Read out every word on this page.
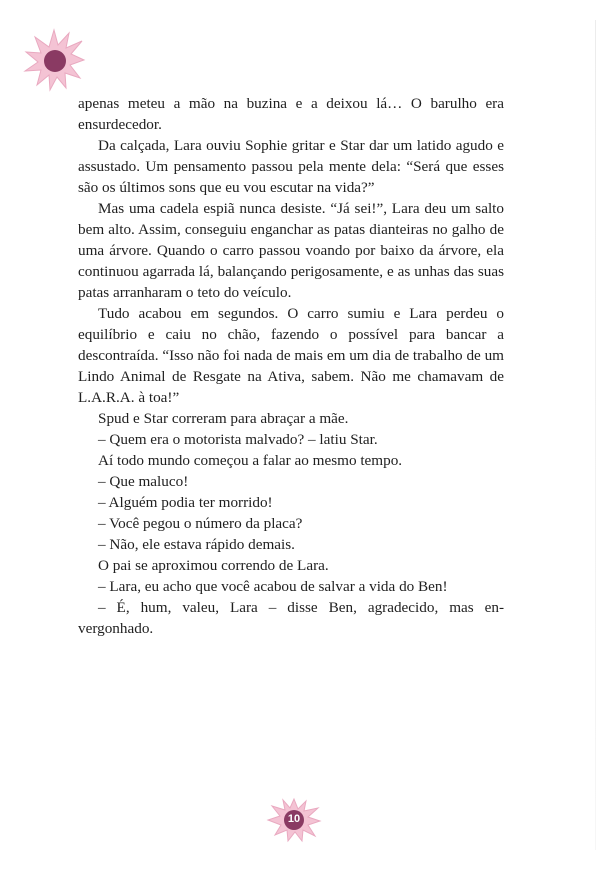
apenas meteu a mão na buzina e a deixou lá… O barulho era ensurdecedor.

Da calçada, Lara ouviu Sophie gritar e Star dar um latido agudo e assustado. Um pensamento passou pela mente dela: “Será que esses são os últimos sons que eu vou escutar na vida?”

Mas uma cadela espiã nunca desiste. “Já sei!”, Lara deu um salto bem alto. Assim, conseguiu enganchar as patas dianteiras no galho de uma árvore. Quando o carro passou voando por baixo da árvore, ela continuou agarrada lá, balançando perigosamente, e as unhas das suas patas arranharam o teto do veículo.

Tudo acabou em segundos. O carro sumiu e Lara perdeu o equilíbrio e caiu no chão, fazendo o possível para bancar a descontraída. “Isso não foi nada de mais em um dia de trabalho de um Lindo Animal de Resgate na Ativa, sabem. Não me chamavam de L.A.R.A. à toa!”

Spud e Star correram para abraçar a mãe.

– Quem era o motorista malvado? – latiu Star.

Aí todo mundo começou a falar ao mesmo tempo.

– Que maluco!

– Alguém podia ter morrido!

– Você pegou o número da placa?

– Não, ele estava rápido demais.

O pai se aproximou correndo de Lara.

– Lara, eu acho que você acabou de salvar a vida do Ben!

– É, hum, valeu, Lara – disse Ben, agradecido, mas en-vergonhado.

10
